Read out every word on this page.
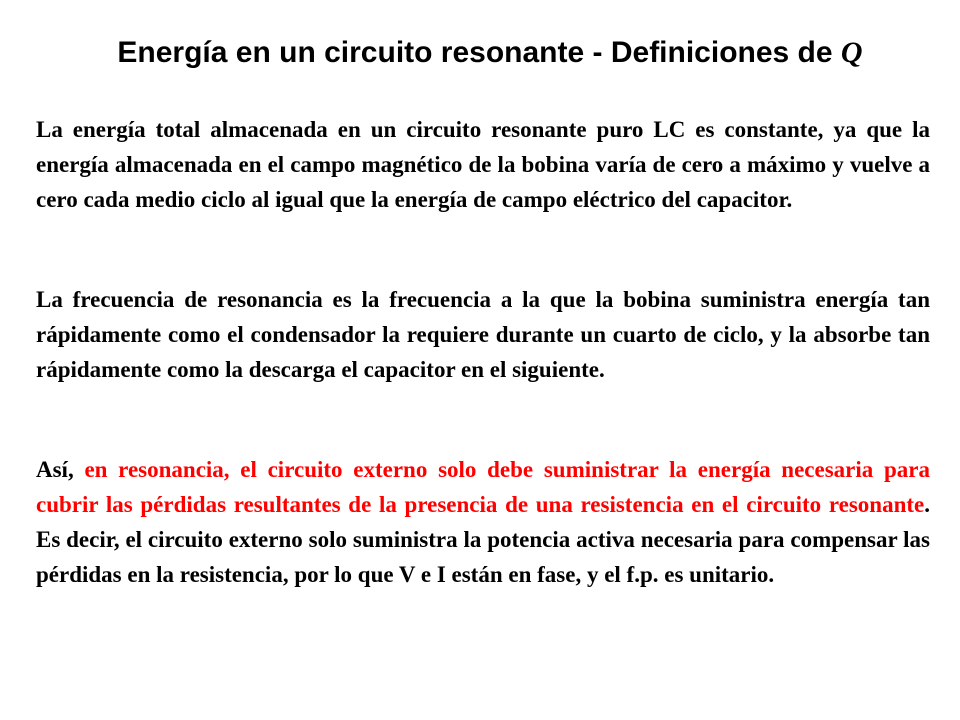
Energía en un circuito resonante - Definiciones de Q

La energía total almacenada en un circuito resonante puro LC es constante, ya que la energía almacenada en el campo magnético de la bobina varía de cero a máximo y vuelve a cero cada medio ciclo al igual que la energía de campo eléctrico del capacitor.

La frecuencia de resonancia es la frecuencia a la que la bobina suministra energía tan rápidamente como el condensador la requiere durante un cuarto de ciclo, y la absorbe tan rápidamente como la descarga el capacitor en el siguiente.

Así, en resonancia, el circuito externo solo debe suministrar la energía necesaria para cubrir las pérdidas resultantes de la presencia de una resistencia en el circuito resonante. Es decir, el circuito externo solo suministra la potencia activa necesaria para compensar las pérdidas en la resistencia, por lo que V e I están en fase, y el f.p. es unitario.
